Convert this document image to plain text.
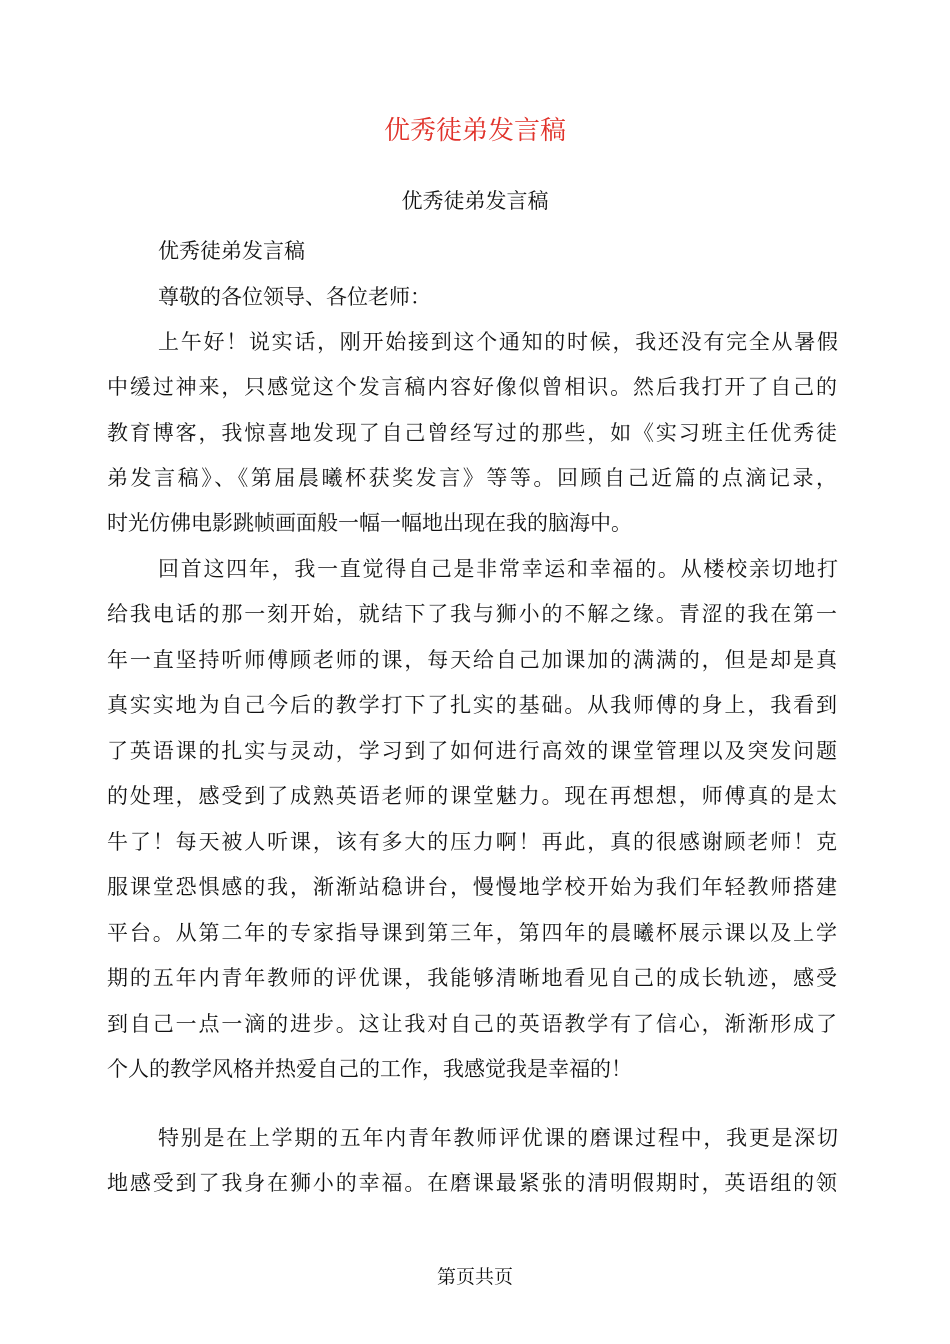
优秀徒弟发言稿
优秀徒弟发言稿
优秀徒弟发言稿
尊敬的各位领导、各位老师：
上午好！说实话，刚开始接到这个通知的时候，我还没有完全从暑假
中缓过神来，只感觉这个发言稿内容好像似曾相识。然后我打开了自己的
教育博客，我惊喜地发现了自己曾经写过的那些，如《实习班主任优秀徒
弟发言稿》、《第届晨曦杯获奖发言》等等。回顾自己近篇的点滴记录，
时光仿佛电影跳帧画面般一幅一幅地出现在我的脑海中。
回首这四年，我一直觉得自己是非常幸运和幸福的。从楼校亲切地打
给我电话的那一刻开始，就结下了我与狮小的不解之缘。青涩的我在第一
年一直坚持听师傅顾老师的课，每天给自己加课加的满满的，但是却是真
真实实地为自己今后的教学打下了扎实的基础。从我师傅的身上，我看到
了英语课的扎实与灵动，学习到了如何进行高效的课堂管理以及突发问题
的处理，感受到了成熟英语老师的课堂魅力。现在再想想，师傅真的是太
牛了！每天被人听课，该有多大的压力啊！再此，真的很感谢顾老师！克
服课堂恐惧感的我，渐渐站稳讲台，慢慢地学校开始为我们年轻教师搭建
平台。从第二年的专家指导课到第三年，第四年的晨曦杯展示课以及上学
期的五年内青年教师的评优课，我能够清晰地看见自己的成长轨迹，感受
到自己一点一滴的进步。这让我对自己的英语教学有了信心，渐渐形成了
个人的教学风格并热爱自己的工作，我感觉我是幸福的！
特别是在上学期的五年内青年教师评优课的磨课过程中，我更是深切
地感受到了我身在狮小的幸福。在磨课最紧张的清明假期时，英语组的领
第页共页
